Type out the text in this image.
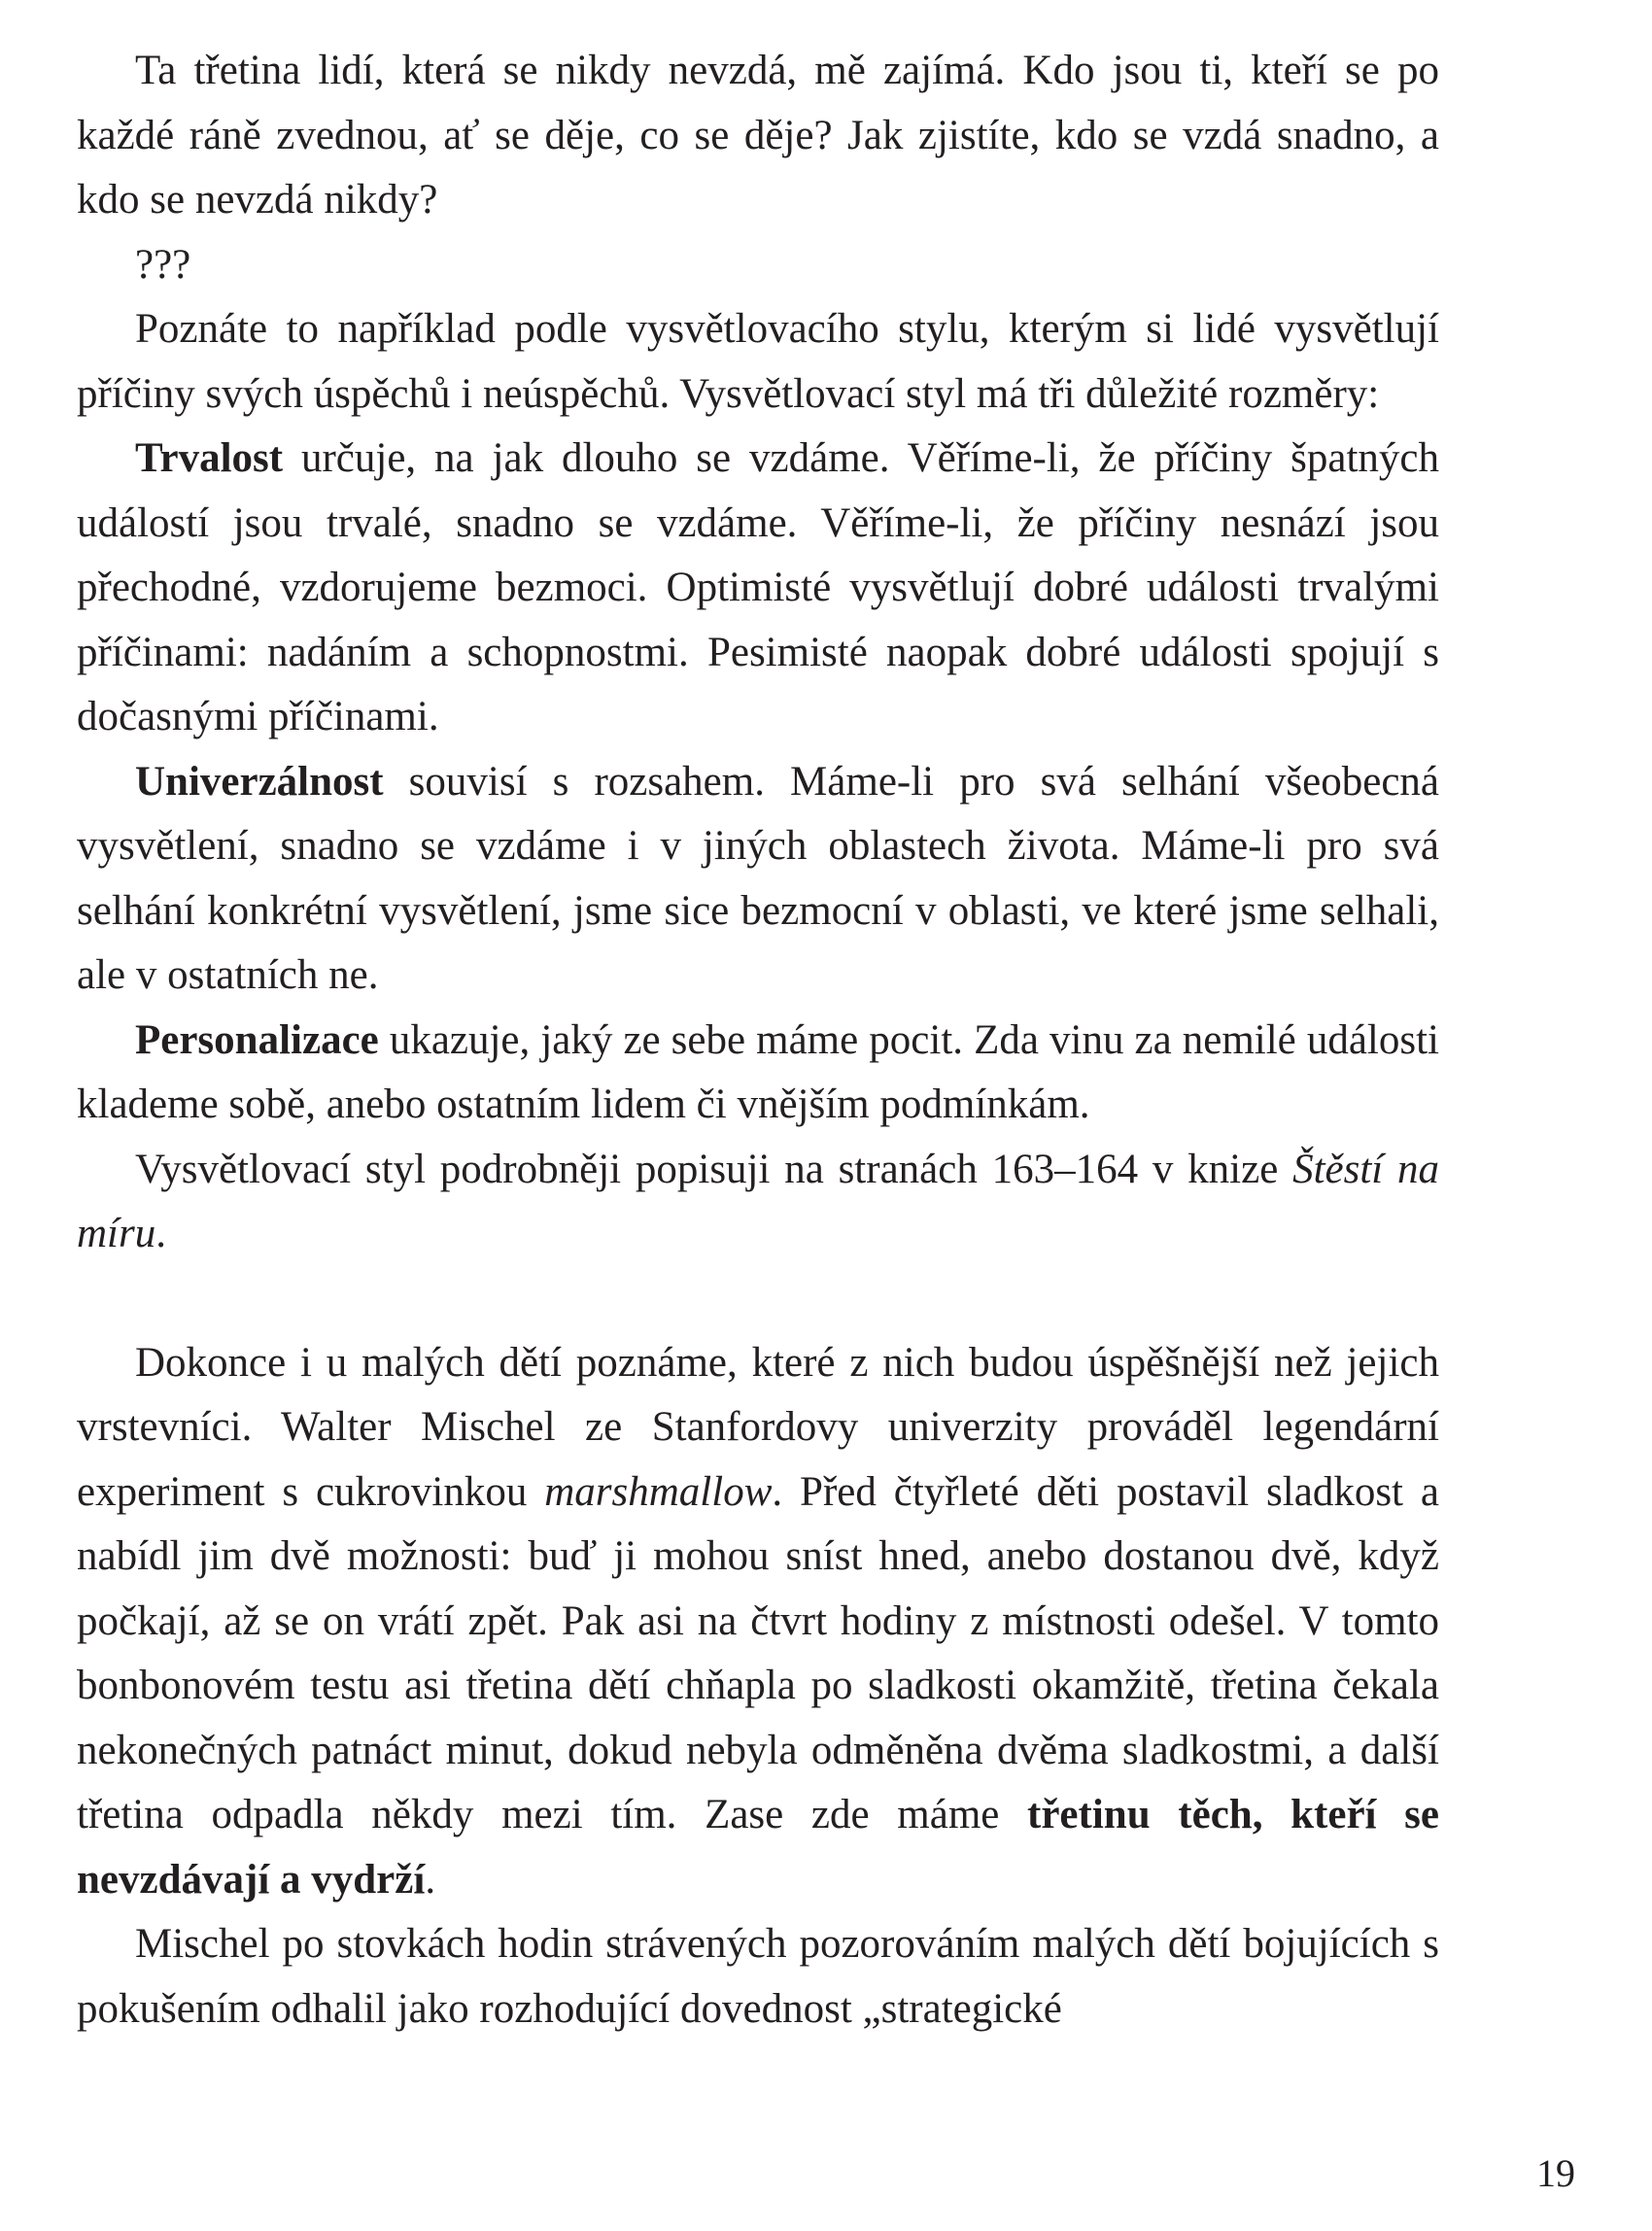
Ta třetina lidí, která se nikdy nevzdá, mě zajímá. Kdo jsou ti, kteří se po každé ráně zvednou, ať se děje, co se děje? Jak zjistíte, kdo se vzdá snadno, a kdo se nevzdá nikdy?

???

Poznáte to například podle vysvětlovacího stylu, kterým si lidé vysvětlují příčiny svých úspěchů i neúspěchů. Vysvětlovací styl má tři důležité rozměry:

Trvalost určuje, na jak dlouho se vzdáme. Věříme-li, že příčiny špatných událostí jsou trvalé, snadno se vzdáme. Věříme-li, že příčiny nesnází jsou přechodné, vzdorujeme bezmoci. Optimisté vysvětlují dobré události trvalými příčinami: nadáním a schopnostmi. Pesimisté naopak dobré události spojují s dočasnými příčinami.

Univerzálnost souvisí s rozsahem. Máme-li pro svá selhání všeobecná vysvětlení, snadno se vzdáme i v jiných oblastech života. Máme-li pro svá selhání konkrétní vysvětlení, jsme sice bezmocní v oblasti, ve které jsme selhali, ale v ostatních ne.

Personalizace ukazuje, jaký ze sebe máme pocit. Zda vinu za nemilé události klademe sobě, anebo ostatním lidem či vnějším podmínkám.

Vysvětlovací styl podrobněji popisuji na stranách 163–164 v knize Štěstí na míru.

Dokonce i u malých dětí poznáme, které z nich budou úspěšnější než jejich vrstevníci. Walter Mischel ze Stanfordovy univerzity prováděl legendární experiment s cukrovinkou marshmallow. Před čtyřleté děti postavil sladkost a nabídl jim dvě možnosti: buď ji mohou sníst hned, anebo dostanou dvě, když počkají, až se on vrátí zpět. Pak asi na čtvrt hodiny z místnosti odešel. V tomto bonbonovém testu asi třetina dětí chňapla po sladkosti okamžitě, třetina čekala nekonečných patnáct minut, dokud nebyla odměněna dvěma sladkostmi, a další třetina odpadla někdy mezi tím. Zase zde máme třetinu těch, kteří se nevzdávají a vydrží.

Mischel po stovkách hodin strávených pozorováním malých dětí bojujících s pokušením odhalil jako rozhodující dovednost „strategické

19
